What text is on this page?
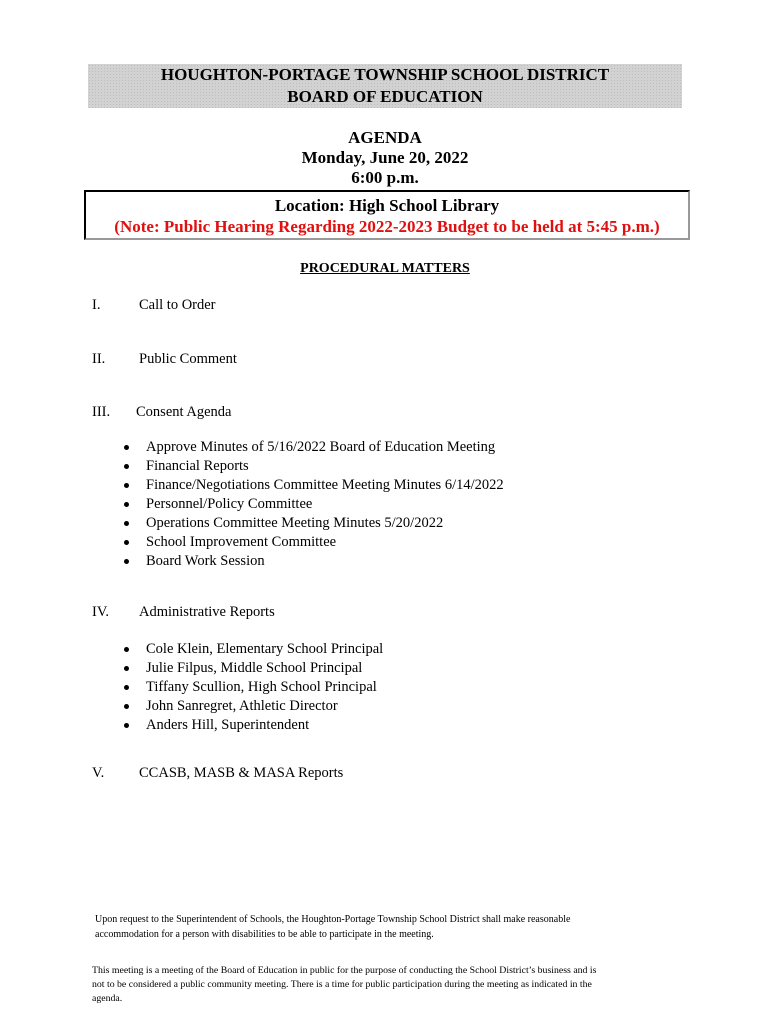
HOUGHTON-PORTAGE TOWNSHIP SCHOOL DISTRICT
BOARD OF EDUCATION
AGENDA
Monday, June 20, 2022
6:00 p.m.
Location: High School Library
(Note: Public Hearing Regarding 2022-2023 Budget to be held at 5:45 p.m.)
PROCEDURAL MATTERS
I.	Call to Order
II. Public Comment
III. Consent Agenda
Approve Minutes of 5/16/2022 Board of Education Meeting
Financial Reports
Finance/Negotiations Committee Meeting Minutes 6/14/2022
Personnel/Policy Committee
Operations Committee Meeting Minutes 5/20/2022
School Improvement Committee
Board Work Session
IV. Administrative Reports
Cole Klein, Elementary School Principal
Julie Filpus, Middle School Principal
Tiffany Scullion, High School Principal
John Sanregret, Athletic Director
Anders Hill, Superintendent
V. CCASB, MASB & MASA Reports
Upon request to the Superintendent of Schools, the Houghton-Portage Township School District shall make reasonable
accommodation for a person with disabilities to be able to participate in the meeting.
This meeting is a meeting of the Board of Education in public for the purpose of conducting the School District’s business and is
not to be considered a public community meeting. There is a time for public participation during the meeting as indicated in the
agenda.
